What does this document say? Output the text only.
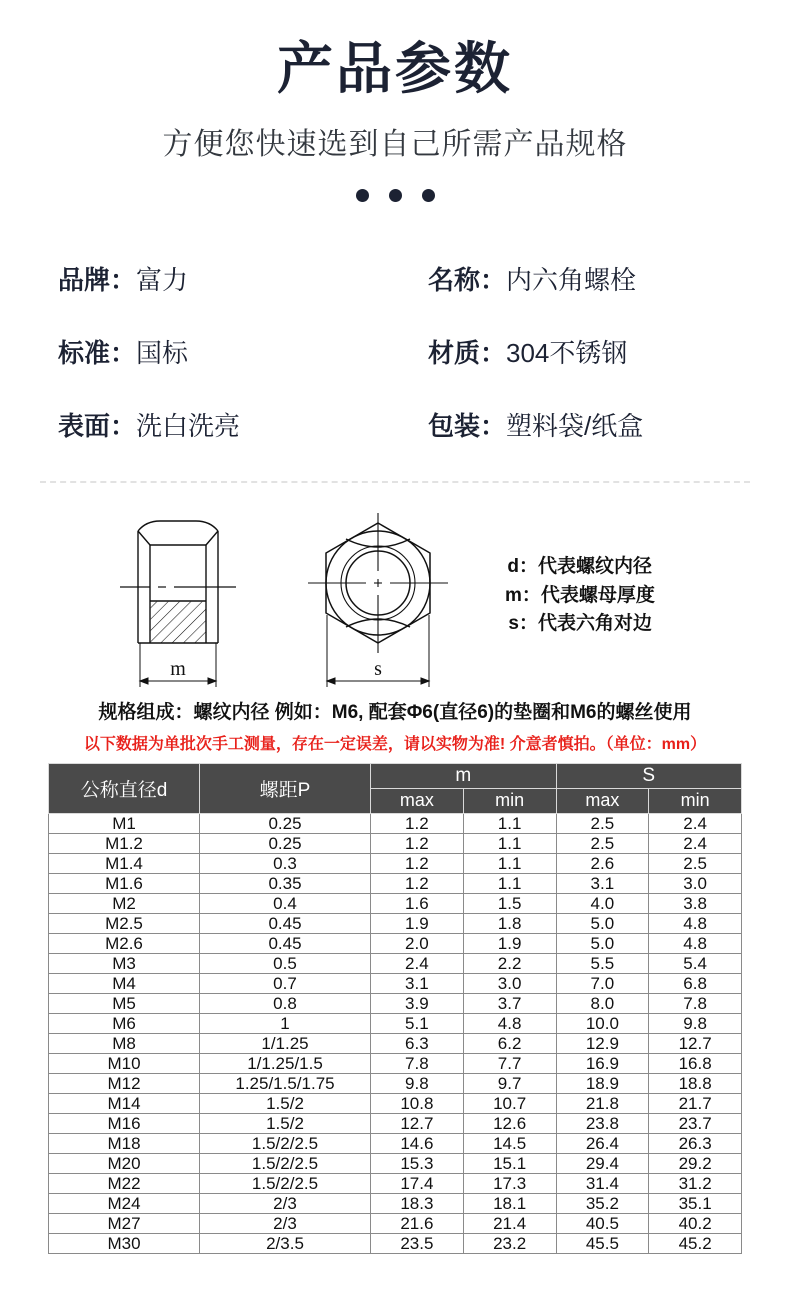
产品参数
方便您快速选到自己所需产品规格
品牌：富力	名称：内六角螺栓
标准：国标	材质：304不锈钢
表面：洗白洗亮	包装：塑料袋/纸盒
m	s
d：代表螺纹内径
m：代表螺母厚度
s：代表六角对边
规格组成：螺纹内径 例如：M6, 配套Φ6(直径6)的垫圈和M6的螺丝使用
以下数据为单批次手工测量，存在一定误差，请以实物为准! 介意者慎拍。（单位：mm）
公称直径d	螺距P	m		S	
		max	min	max	min
M1	0.25	1.2	1.1	2.5	2.4
M1.2	0.25	1.2	1.1	2.5	2.4
M1.4	0.3	1.2	1.1	2.6	2.5
M1.6	0.35	1.2	1.1	3.1	3.0
M2	0.4	1.6	1.5	4.0	3.8
M2.5	0.45	1.9	1.8	5.0	4.8
M2.6	0.45	2.0	1.9	5.0	4.8
M3	0.5	2.4	2.2	5.5	5.4
M4	0.7	3.1	3.0	7.0	6.8
M5	0.8	3.9	3.7	8.0	7.8
M6	1	5.1	4.8	10.0	9.8
M8	1/1.25	6.3	6.2	12.9	12.7
M10	1/1.25/1.5	7.8	7.7	16.9	16.8
M12	1.25/1.5/1.75	9.8	9.7	18.9	18.8
M14	1.5/2	10.8	10.7	21.8	21.7
M16	1.5/2	12.7	12.6	23.8	23.7
M18	1.5/2/2.5	14.6	14.5	26.4	26.3
M20	1.5/2/2.5	15.3	15.1	29.4	29.2
M22	1.5/2/2.5	17.4	17.3	31.4	31.2
M24	2/3	18.3	18.1	35.2	35.1
M27	2/3	21.6	21.4	40.5	40.2
M30	2/3.5	23.5	23.2	45.5	45.2
